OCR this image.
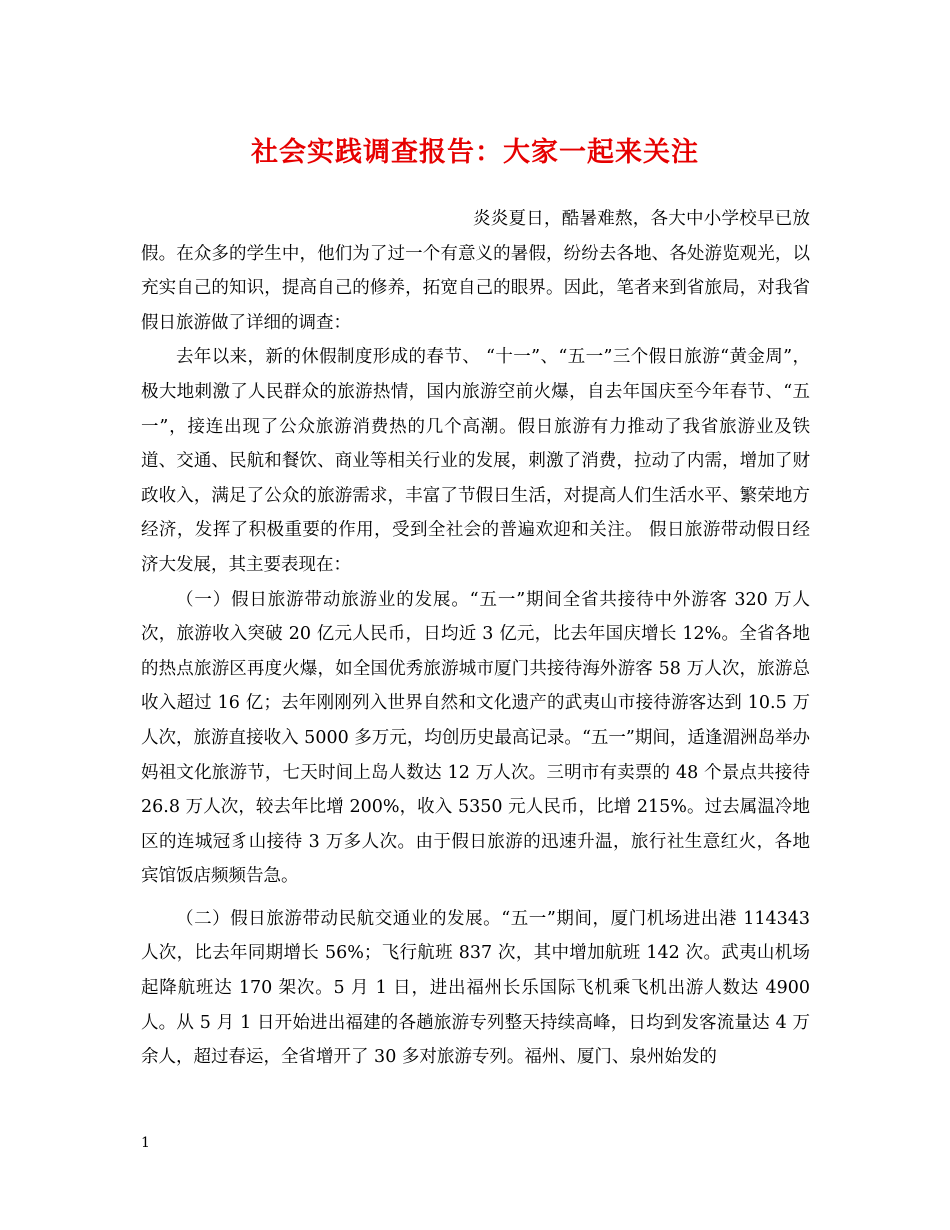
社会实践调查报告：大家一起来关注

炎炎夏日，酷暑难熬，各大中小学校早已放假。在众多的学生中，他们为了过一个有意义的暑假，纷纷去各地、各处游览观光，以充实自己的知识，提高自己的修养，拓宽自己的眼界。因此，笔者来到省旅局，对我省假日旅游做了详细的调查：

去年以来，新的休假制度形成的春节、 “十一”、“五一”三个假日旅游“黄金周”，极大地刺激了人民群众的旅游热情，国内旅游空前火爆，自去年国庆至今年春节、“五一”，接连出现了公众旅游消费热的几个高潮。假日旅游有力推动了我省旅游业及铁道、交通、民航和餐饮、商业等相关行业的发展，刺激了消费，拉动了内需，增加了财政收入，满足了公众的旅游需求，丰富了节假日生活，对提高人们生活水平、繁荣地方经济，发挥了积极重要的作用，受到全社会的普遍欢迎和关注。 假日旅游带动假日经济大发展，其主要表现在：

（一）假日旅游带动旅游业的发展。“五一”期间全省共接待中外游客 320 万人次，旅游收入突破 20 亿元人民币，日均近 3 亿元，比去年国庆增长 12%。全省各地的热点旅游区再度火爆，如全国优秀旅游城市厦门共接待海外游客 58 万人次，旅游总收入超过 16 亿；去年刚刚列入世界自然和文化遗产的武夷山市接待游客达到 10.5 万人次，旅游直接收入 5000 多万元，均创历史最高记录。“五一”期间，适逢湄洲岛举办妈祖文化旅游节，七天时间上岛人数达 12 万人次。三明市有卖票的 48 个景点共接待 26.8 万人次，较去年比增 200%，收入 5350 元人民币，比增 215%。过去属温冷地区的连城冠豸山接待 3 万多人次。由于假日旅游的迅速升温，旅行社生意红火，各地宾馆饭店频频告急。

（二）假日旅游带动民航交通业的发展。“五一”期间，厦门机场进出港 114343 人次，比去年同期增长 56%；飞行航班 837 次，其中增加航班 142 次。武夷山机场起降航班达 170 架次。5 月 1 日，进出福州长乐国际飞机乘飞机出游人数达 4900 人。从 5 月 1 日开始进出福建的各趟旅游专列整天持续高峰，日均到发客流量达 4 万余人，超过春运，全省增开了 30 多对旅游专列。福州、厦门、泉州始发的

1
